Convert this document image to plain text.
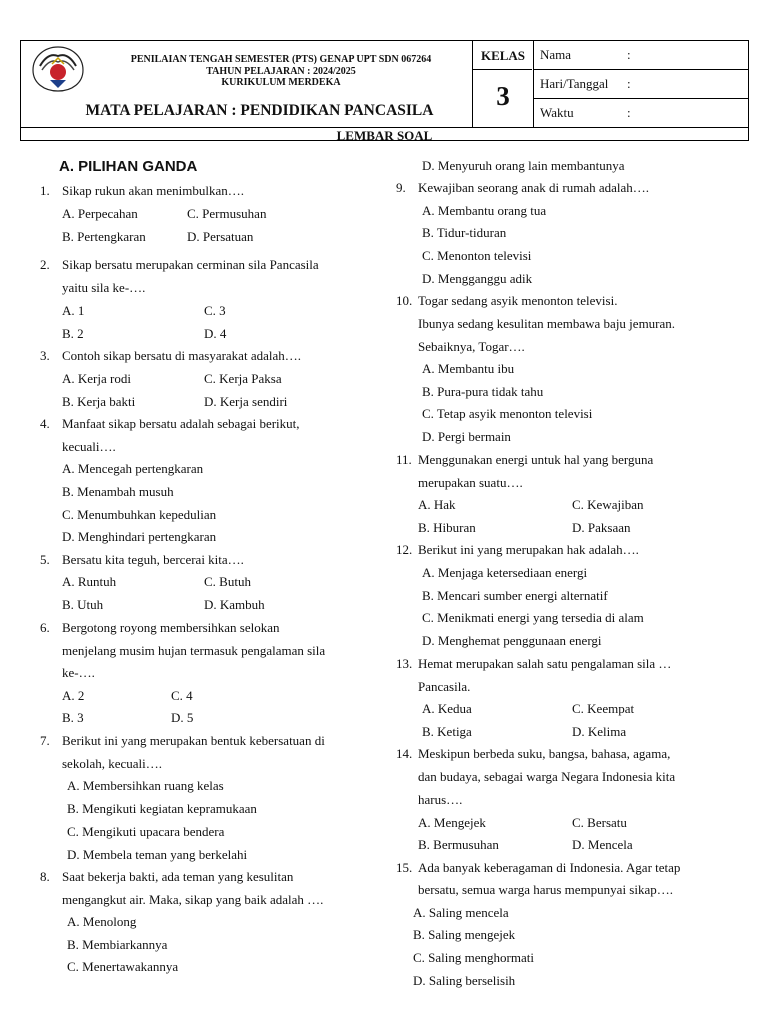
PENILAIAN TENGAH SEMESTER (PTS) GENAP UPT SDN 067264
TAHUN PELAJARAN : 2024/2025
KURIKULUM MERDEKA
MATA PELAJARAN : PENDIDIKAN PANCASILA
KELAS
3
Nama	:
Hari/Tanggal :
Waktu	:
LEMBAR SOAL
A. PILIHAN GANDA
1. Sikap rukun akan menimbulkan….
A. Perpecahan	C. Permusuhan
B. Pertengkaran	D. Persatuan
2. Sikap bersatu merupakan cerminan sila Pancasila
yaitu sila ke-….
A. 1	C. 3
B. 2	D. 4
3. Contoh sikap bersatu di masyarakat adalah….
A. Kerja rodi	C. Kerja Paksa
B. Kerja bakti	D. Kerja sendiri
4. Manfaat sikap bersatu adalah sebagai berikut,
kecuali….
A. Mencegah pertengkaran
B. Menambah musuh
C. Menumbuhkan kepedulian
D. Menghindari pertengkaran
5. Bersatu kita teguh, bercerai kita….
A. Runtuh	C. Butuh
B. Utuh	D. Kambuh
6. Bergotong royong membersihkan selokan
menjelang musim hujan termasuk pengalaman sila
ke-….
A. 2	C. 4
B. 3	D. 5
7. Berikut ini yang merupakan bentuk kebersatuan di
sekolah, kecuali….
A. Membersihkan ruang kelas
B. Mengikuti kegiatan kepramukaan
C. Mengikuti upacara bendera
D. Membela teman yang berkelahi
8. Saat bekerja bakti, ada teman yang kesulitan
mengangkut air. Maka, sikap yang baik adalah ….
A. Menolong
B. Membiarkannya
C. Menertawakannya
D. Menyuruh orang lain membantunya
9. Kewajiban seorang anak di rumah adalah….
A. Membantu orang tua
B. Tidur-tiduran
C. Menonton televisi
D. Mengganggu adik
10. Togar sedang asyik menonton televisi.
Ibunya sedang kesulitan membawa baju jemuran.
Sebaiknya, Togar….
A. Membantu ibu
B. Pura-pura tidak tahu
C. Tetap asyik menonton televisi
D. Pergi bermain
11. Menggunakan energi untuk hal yang berguna
merupakan suatu….
A. Hak	C. Kewajiban
B. Hiburan	D. Paksaan
12. Berikut ini yang merupakan hak adalah….
A. Menjaga ketersediaan energi
B. Mencari sumber energi alternatif
C. Menikmati energi yang tersedia di alam
D. Menghemat penggunaan energi
13. Hemat merupakan salah satu pengalaman sila …
Pancasila.
A. Kedua	C. Keempat
B. Ketiga	D. Kelima
14. Meskipun berbeda suku, bangsa, bahasa, agama,
dan budaya, sebagai warga Negara Indonesia kita
harus….
A. Mengejek	C. Bersatu
B. Bermusuhan	D. Mencela
15. Ada banyak keberagaman di Indonesia. Agar tetap
bersatu, semua warga harus mempunyai sikap….
A. Saling mencela
B. Saling mengejek
C. Saling menghormati
D. Saling berselisih
